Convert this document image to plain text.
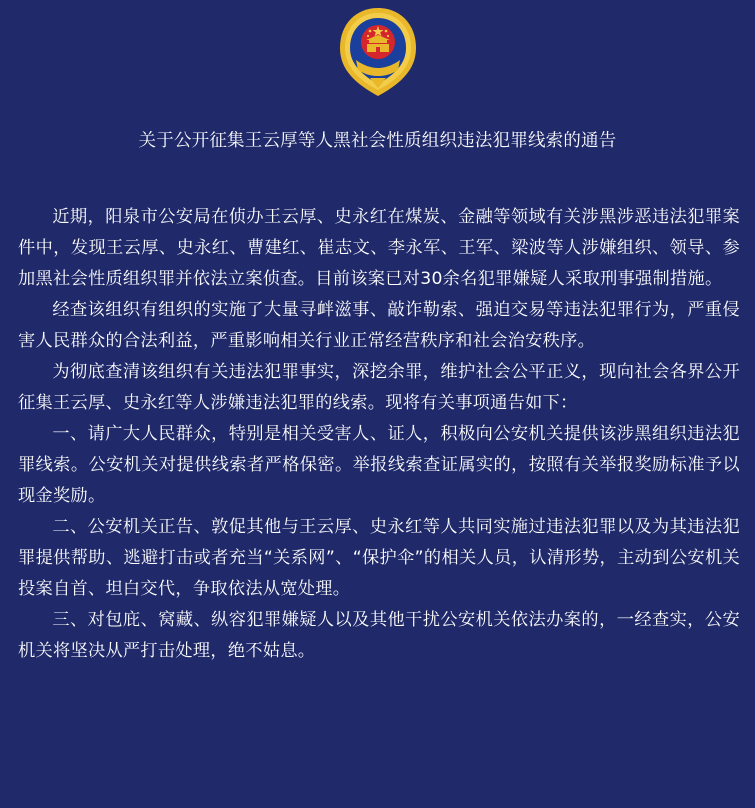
关于公开征集王云厚等人黑社会性质组织违法犯罪线索的通告

近期，阳泉市公安局在侦办王云厚、史永红在煤炭、金融等领域有关涉黑涉恶违法犯罪案件中，发现王云厚、史永红、曹建红、崔志文、李永军、王军、梁波等人涉嫌组织、领导、参加黑社会性质组织罪并依法立案侦查。目前该案已对30余名犯罪嫌疑人采取刑事强制措施。

经查该组织有组织的实施了大量寻衅滋事、敲诈勒索、强迫交易等违法犯罪行为，严重侵害人民群众的合法利益，严重影响相关行业正常经营秩序和社会治安秩序。

为彻底查清该组织有关违法犯罪事实，深挖余罪，维护社会公平正义，现向社会各界公开征集王云厚、史永红等人涉嫌违法犯罪的线索。现将有关事项通告如下：

一、请广大人民群众，特别是相关受害人、证人，积极向公安机关提供该涉黑组织违法犯罪线索。公安机关对提供线索者严格保密。举报线索查证属实的，按照有关举报奖励标准予以现金奖励。

二、公安机关正告、敦促其他与王云厚、史永红等人共同实施过违法犯罪以及为其违法犯罪提供帮助、逃避打击或者充当“关系网”、“保护伞”的相关人员，认清形势，主动到公安机关投案自首、坦白交代，争取依法从宽处理。

三、对包庇、窝藏、纵容犯罪嫌疑人以及其他干扰公安机关依法办案的，一经查实，公安机关将坚决从严打击处理，绝不姑息。
